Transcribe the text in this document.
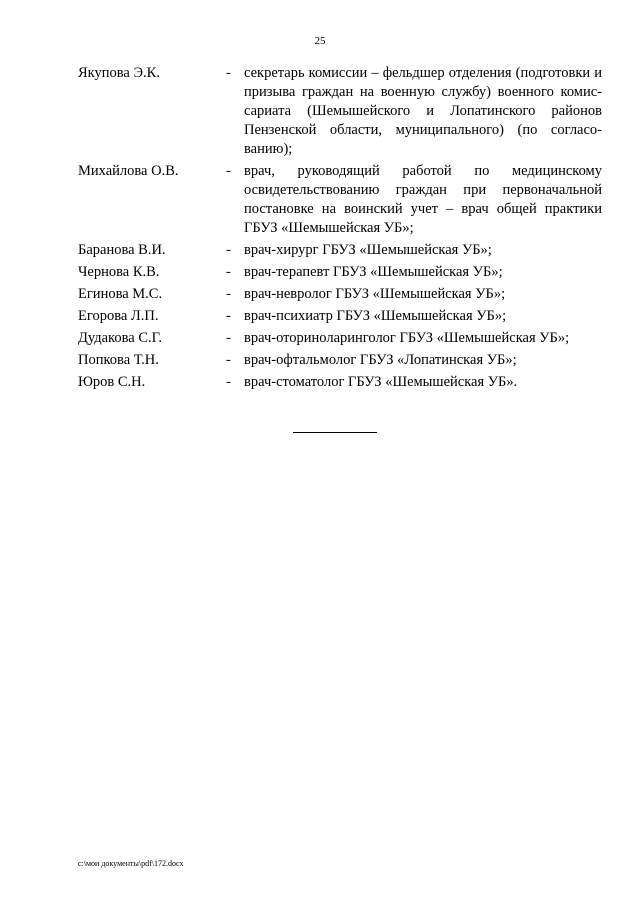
25
Якупова Э.К.	- секретарь комиссии – фельдшер отделения (подготовки и призыва граждан на военную службу) военного комис-сариата (Шемышейского и Лопатинского районов Пензенской области, муниципального) (по согласо-ванию);
Михайлова О.В.	- врач, руководящий работой по медицинскому освидетельствованию граждан при первоначальной постановке на воинский учет – врач общей практики ГБУЗ «Шемышейская УБ»;
Баранова В.И.	- врач-хирург ГБУЗ «Шемышейская УБ»;
Чернова К.В.	- врач-терапевт ГБУЗ «Шемышейская УБ»;
Егинова М.С.	- врач-невролог ГБУЗ «Шемышейская УБ»;
Егорова Л.П.	- врач-психиатр ГБУЗ «Шемышейская УБ»;
Дудакова С.Г.	- врач-оториноларинголог ГБУЗ «Шемышейская УБ»;
Попкова Т.Н.	- врач-офтальмолог ГБУЗ «Лопатинская УБ»;
Юров С.Н.	- врач-стоматолог ГБУЗ «Шемышейская УБ».
c:\мои документы\pdf\172.docx
